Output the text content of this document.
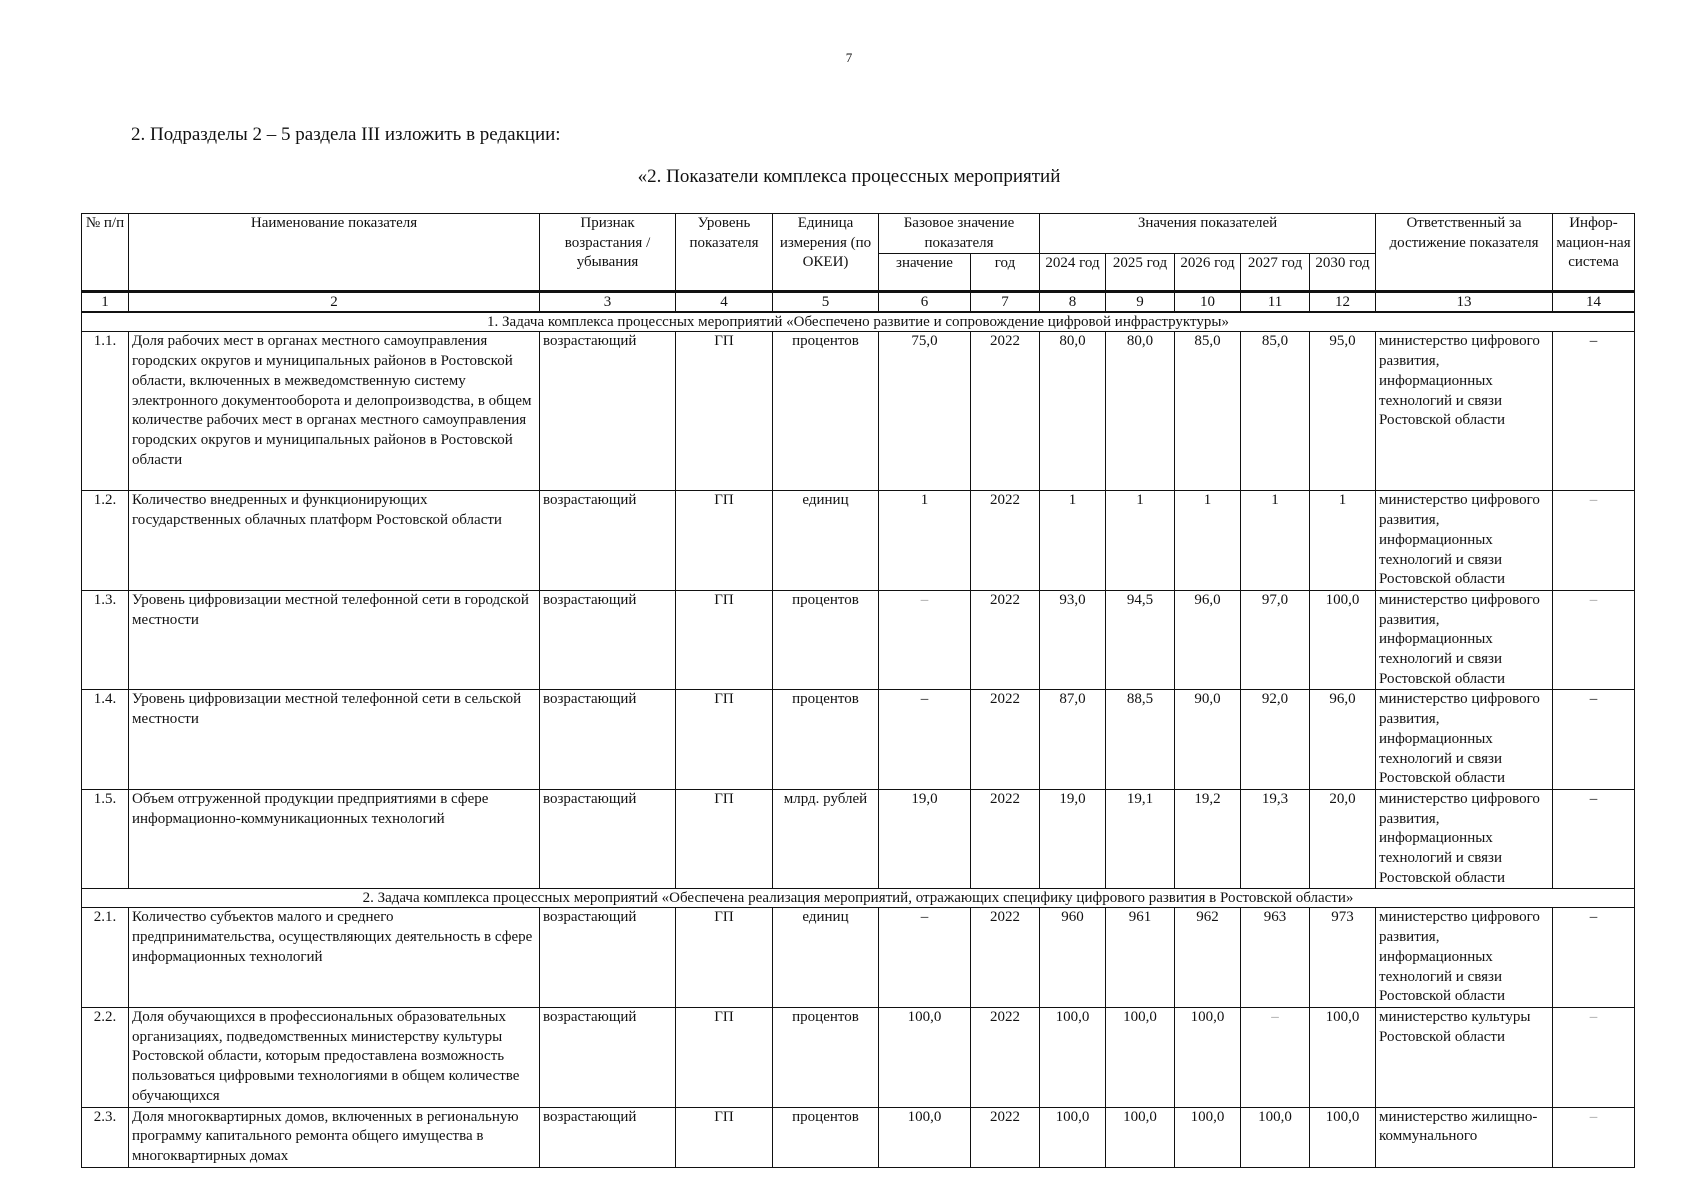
7
2. Подразделы 2 – 5 раздела III изложить в редакции:
«2. Показатели комплекса процессных мероприятий
№ п/п	Наименование показателя	Признак возрастания / убывания	Уровень показателя	Единица измерения (по ОКЕИ)	Базовое значение показателя		Значения показателей					Ответственный за достижение показателя	Инфор-мацион-ная система

					значение	год	2024 год	2025 год	2026 год	2027 год	2030 год		
1	2	3	4	5	6	7	8	9	10	11	12	13	14
1. Задача комплекса процессных мероприятий «Обеспечено развитие и сопровождение цифровой инфраструктуры»													
1.1.	Доля рабочих мест в органах местного самоуправления городских округов и муниципальных районов в Ростовской области, включенных в межведомственную систему электронного документооборота и делопроизводства, в общем количестве рабочих мест в органах местного самоуправления городских округов и муниципальных районов в Ростовской области	возрастающий	ГП	процентов	75,0	2022	80,0	80,0	85,0	85,0	95,0	министерство цифрового развития, информационных технологий и связи Ростовской области	–
1.2.	Количество внедренных и функционирующих государственных облачных платформ Ростовской области	возрастающий	ГП	единиц	1	2022	1	1	1	1	1	министерство цифрового развития, информационных технологий и связи Ростовской области	–
1.3.	Уровень цифровизации местной телефонной сети в городской местности	возрастающий	ГП	процентов	–	2022	93,0	94,5	96,0	97,0	100,0	министерство цифрового развития, информационных технологий и связи Ростовской области	–
1.4.	Уровень цифровизации местной телефонной сети в сельской местности	возрастающий	ГП	процентов	–	2022	87,0	88,5	90,0	92,0	96,0	министерство цифрового развития, информационных технологий и связи Ростовской области	–
1.5.	Объем отгруженной продукции предприятиями в сфере информационно-коммуникационных технологий	возрастающий	ГП	млрд. рублей	19,0	2022	19,0	19,1	19,2	19,3	20,0	министерство цифрового развития, информационных технологий и связи Ростовской области	–
2. Задача комплекса процессных мероприятий «Обеспечена реализация мероприятий, отражающих специфику цифрового развития в Ростовской области»													
2.1.	Количество субъектов малого и среднего предпринимательства, осуществляющих деятельность в сфере информационных технологий	возрастающий	ГП	единиц	–	2022	960	961	962	963	973	министерство цифрового развития, информационных технологий и связи Ростовской области	–
2.2.	Доля обучающихся в профессиональных образовательных организациях, подведомственных министерству культуры Ростовской области, которым предоставлена возможность пользоваться цифровыми технологиями в общем количестве обучающихся	возрастающий	ГП	процентов	100,0	2022	100,0	100,0	100,0	–	100,0	министерство культуры Ростовской области	–
2.3.	Доля многоквартирных домов, включенных в региональную программу капитального ремонта общего имущества в многоквартирных домах	возрастающий	ГП	процентов	100,0	2022	100,0	100,0	100,0	100,0	100,0	министерство жилищно-коммунального	–
